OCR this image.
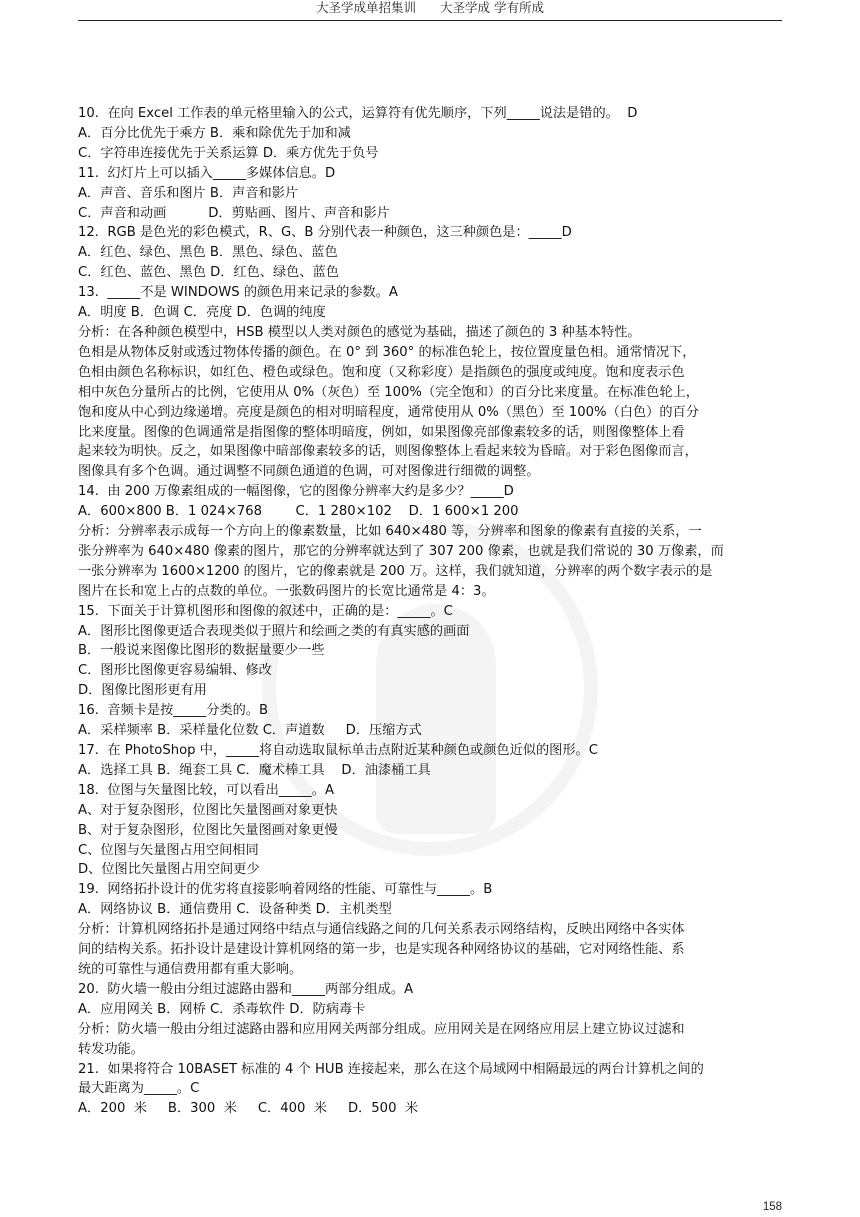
大圣学成单招集训 大圣学成 学有所成

10.  在向 Excel 工作表的单元格里输入的公式，运算符有优先顺序，下列_____说法是错的。  D

A．百分比优先于乘方 B．乘和除优先于加和减

C．字符串连接优先于关系运算 D．乘方优先于负号

11.  幻灯片上可以插入_____多媒体信息。D

A．声音、音乐和图片 B．声音和影片

C．声音和动画          D．剪贴画、图片、声音和影片

12.  RGB 是色光的彩色模式，R、G、B 分别代表一种颜色，这三种颜色是：_____D

A．红色、绿色、黑色 B．黑色、绿色、蓝色

C．红色、蓝色、黑色 D．红色、绿色、蓝色

13.  _____不是 WINDOWS 的颜色用来记录的参数。A

A．明度 B．色调 C．亮度 D．色调的纯度

分析：在各种颜色模型中，HSB 模型以人类对颜色的感觉为基础，描述了颜色的 3 种基本特性。

色相是从物体反射或透过物体传播的颜色。在 0° 到 360° 的标准色轮上，按位置度量色相。通常情况下，

色相由颜色名称标识，如红色、橙色或绿色。饱和度（又称彩度）是指颜色的强度或纯度。饱和度表示色

相中灰色分量所占的比例，它使用从 0%（灰色）至 100%（完全饱和）的百分比来度量。在标准色轮上，

饱和度从中心到边缘递增。亮度是颜色的相对明暗程度，通常使用从 0%（黑色）至 100%（白色）的百分

比来度量。图像的色调通常是指图像的整体明暗度，例如，如果图像亮部像素较多的话，则图像整体上看

起来较为明快。反之，如果图像中暗部像素较多的话，则图像整体上看起来较为昏暗。对于彩色图像而言，

图像具有多个色调。通过调整不同颜色通道的色调，可对图像进行细微的调整。

14.  由 200 万像素组成的一幅图像，它的图像分辨率大约是多少？_____D

A．600×800 B．1 024×768        C．1 280×102    D．1 600×1 200

分析：分辨率表示成每一个方向上的像素数量，比如 640×480 等，分辨率和图象的像素有直接的关系，一

张分辨率为 640×480 像素的图片，那它的分辨率就达到了 307 200 像素，也就是我们常说的 30 万像素，而

一张分辨率为 1600×1200 的图片，它的像素就是 200 万。这样，我们就知道，分辨率的两个数字表示的是

图片在长和宽上占的点数的单位。一张数码图片的长宽比通常是 4：3。

15.  下面关于计算机图形和图像的叙述中，正确的是：_____。C

A．图形比图像更适合表现类似于照片和绘画之类的有真实感的画面

B．一般说来图像比图形的数据量要少一些

C．图形比图像更容易编辑、修改

D．图像比图形更有用

16.  音频卡是按_____分类的。B

A．采样频率 B．采样量化位数 C．声道数     D．压缩方式

17.  在 PhotoShop 中，_____将自动选取鼠标单击点附近某种颜色或颜色近似的图形。C

A．选择工具 B．绳套工具 C．魔术棒工具    D．油漆桶工具

18.  位图与矢量图比较，可以看出_____。A

A、对于复杂图形，位图比矢量图画对象更快

B、对于复杂图形，位图比矢量图画对象更慢

C、位图与矢量图占用空间相同

D、位图比矢量图占用空间更少

19.  网络拓扑设计的优劣将直接影响着网络的性能、可靠性与_____。B

A．网络协议 B．通信费用 C．设备种类 D．主机类型

分析：计算机网络拓扑是通过网络中结点与通信线路之间的几何关系表示网络结构，反映出网络中各实体

间的结构关系。拓扑设计是建设计算机网络的第一步，也是实现各种网络协议的基础，它对网络性能、系

统的可靠性与通信费用都有重大影响。

20.  防火墙一般由分组过滤路由器和_____两部分组成。A

A．应用网关 B．网桥 C．杀毒软件 D．防病毒卡

分析：防火墙一般由分组过滤路由器和应用网关两部分组成。应用网关是在网络应用层上建立协议过滤和

转发功能。

21.  如果将符合 10BASET 标准的 4 个 HUB 连接起来，那么在这个局域网中相隔最远的两台计算机之间的

最大距离为_____。C

A．200  米     B．300  米     C．400  米     D．500  米

158
